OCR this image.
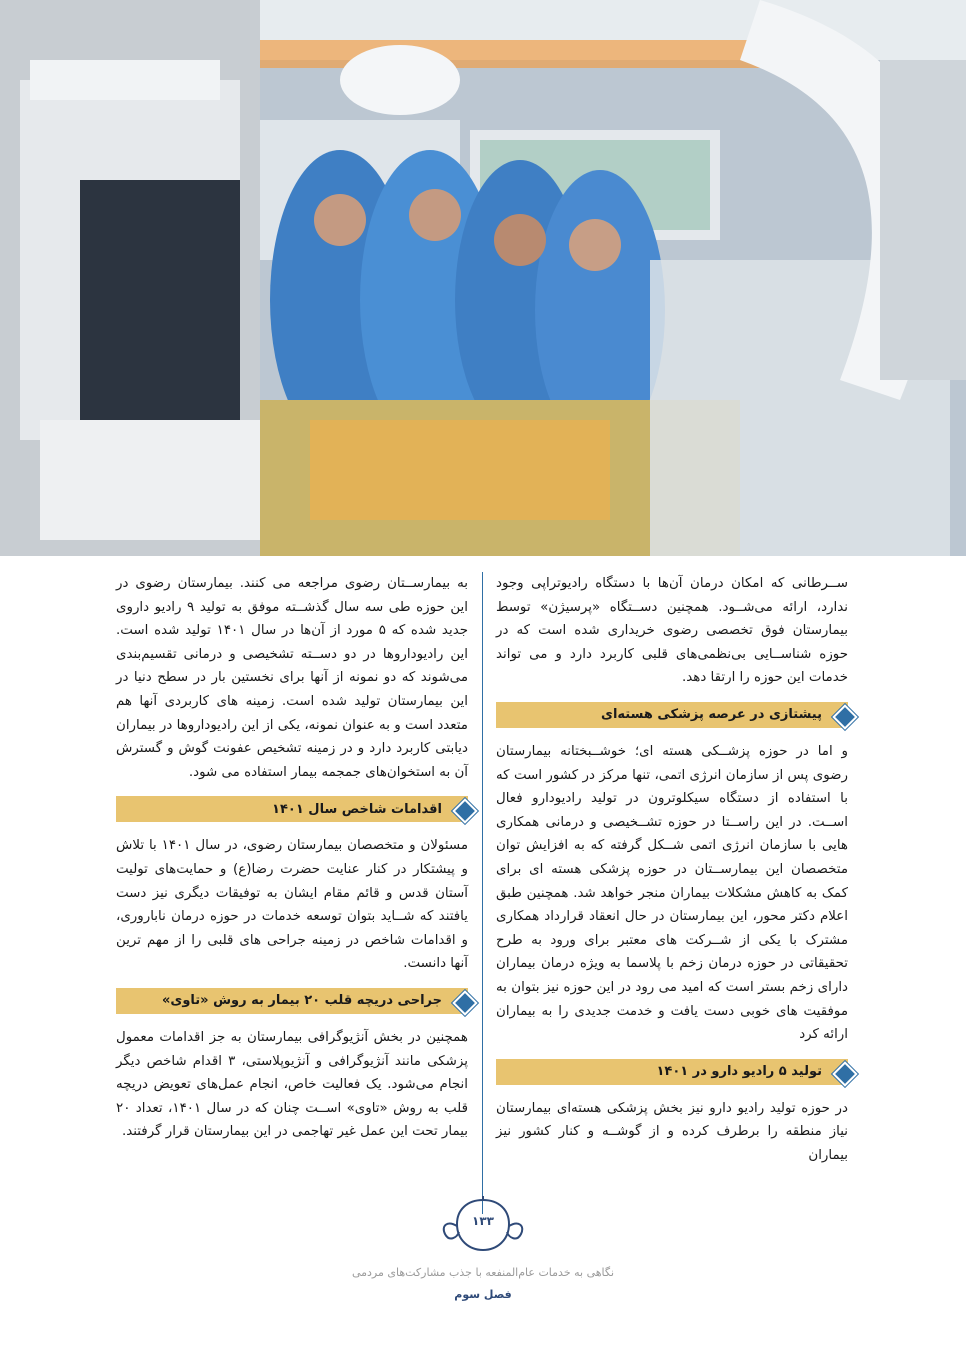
ســرطانی که امکان درمان آن‌ها با دستگاه رادیوتراپی وجود ندارد، ارائه می‌شــود. همچنین دســتگاه «پرسیژن» توسط بیمارستان فوق تخصصی رضوی خریداری شده است که در حوزه شناســایی بی‌نظمی‌های قلبی کاربرد دارد و می تواند خدمات این حوزه را ارتقا دهد.

پیشتازی در عرصه پزشکی هسته‌ای

و اما در حوزه پزشــکی هسته ای؛ خوشــبختانه بیمارستان رضوی پس از سازمان انرژی اتمی، تنها مرکز در کشور است که با استفاده از دستگاه سیکلوترون در تولید رادیودارو فعال اســت. در این راســتا در حوزه تشــخیصی و درمانی همکاری هایی با سازمان انرژی اتمی شــکل گرفته که به افزایش توان متخصصان این بیمارســتان در حوزه پزشکی هسته ای برای کمک به کاهش مشکلات بیماران منجر خواهد شد. همچنین طبق اعلام دکتر محور، این بیمارستان در حال انعقاد قرارداد همکاری مشترک با یکی از شــرکت های معتبر برای ورود به طرح تحقیقاتی در حوزه درمان زخم با پلاسما به ویژه درمان بیماران دارای زخم بستر است که امید می رود در این حوزه نیز بتوان به موفقیت های خوبی دست یافت و خدمت جدیدی را به بیماران ارائه کرد

تولید ۵ رادیو دارو در ۱۴۰۱

در حوزه تولید رادیو دارو نیز بخش پزشکی هسته‌ای بیمارستان نیاز منطقه را برطرف کرده و از گوشــه و کنار کشور نیز بیماران

به بیمارســتان رضوی مراجعه می کنند. بیمارستان رضوی در این حوزه طی سه سال گذشــته موفق به تولید ۹ رادیو داروی جدید شده که ۵ مورد از آن‌ها در سال ۱۴۰۱ تولید شده است. این رادیوداروها در دو دســته تشخیصی و درمانی تقسیم‌بندی می‌شوند که دو نمونه از آنها برای نخستین بار در سطح دنیا در این بیمارستان تولید شده است. زمینه های کاربردی آنها هم متعدد است و به عنوان نمونه، یکی از این رادیوداروها در بیماران دیابتی کاربرد دارد و در زمینه تشخیص عفونت گوش و گسترش آن به استخوان‌های جمجمه بیمار استفاده می شود.

اقدامات شاخص سال ۱۴۰۱

مسئولان و متخصصان بیمارستان رضوی، در سال ۱۴۰۱ با تلاش و پیشتکار در کنار عنایت حضرت رضا(ع) و حمایت‌های تولیت آستان قدس و قائم مقام ایشان به توفیقات دیگری نیز دست یافتند که شــاید بتوان توسعه خدمات در حوزه درمان نابارورى، و اقدامات شاخص در زمینه جراحی های قلبی را از مهم ترین آنها دانست.

جراحی دریچه قلب ۲۰ بیمار به روش «تاوی»

همچنین در بخش آنژیوگرافی بیمارستان به جز اقدامات معمول پزشکی مانند آنژیوگرافی و آنژیوپلاستی، ۳ اقدام شاخص دیگر انجام می‌شود. یک فعالیت خاص، انجام عمل‌های تعویض دریچه قلب به روش «تاوی» اســت چنان که در سال ۱۴۰۱، تعداد ۲۰ بیمار تحت این عمل غیر تهاجمی در این بیمارستان قرار گرفتند.

۱۳۳
نگاهی به خدمات عام‌المنفعه با جذب مشارکت‌های مردمی
فصل سوم
